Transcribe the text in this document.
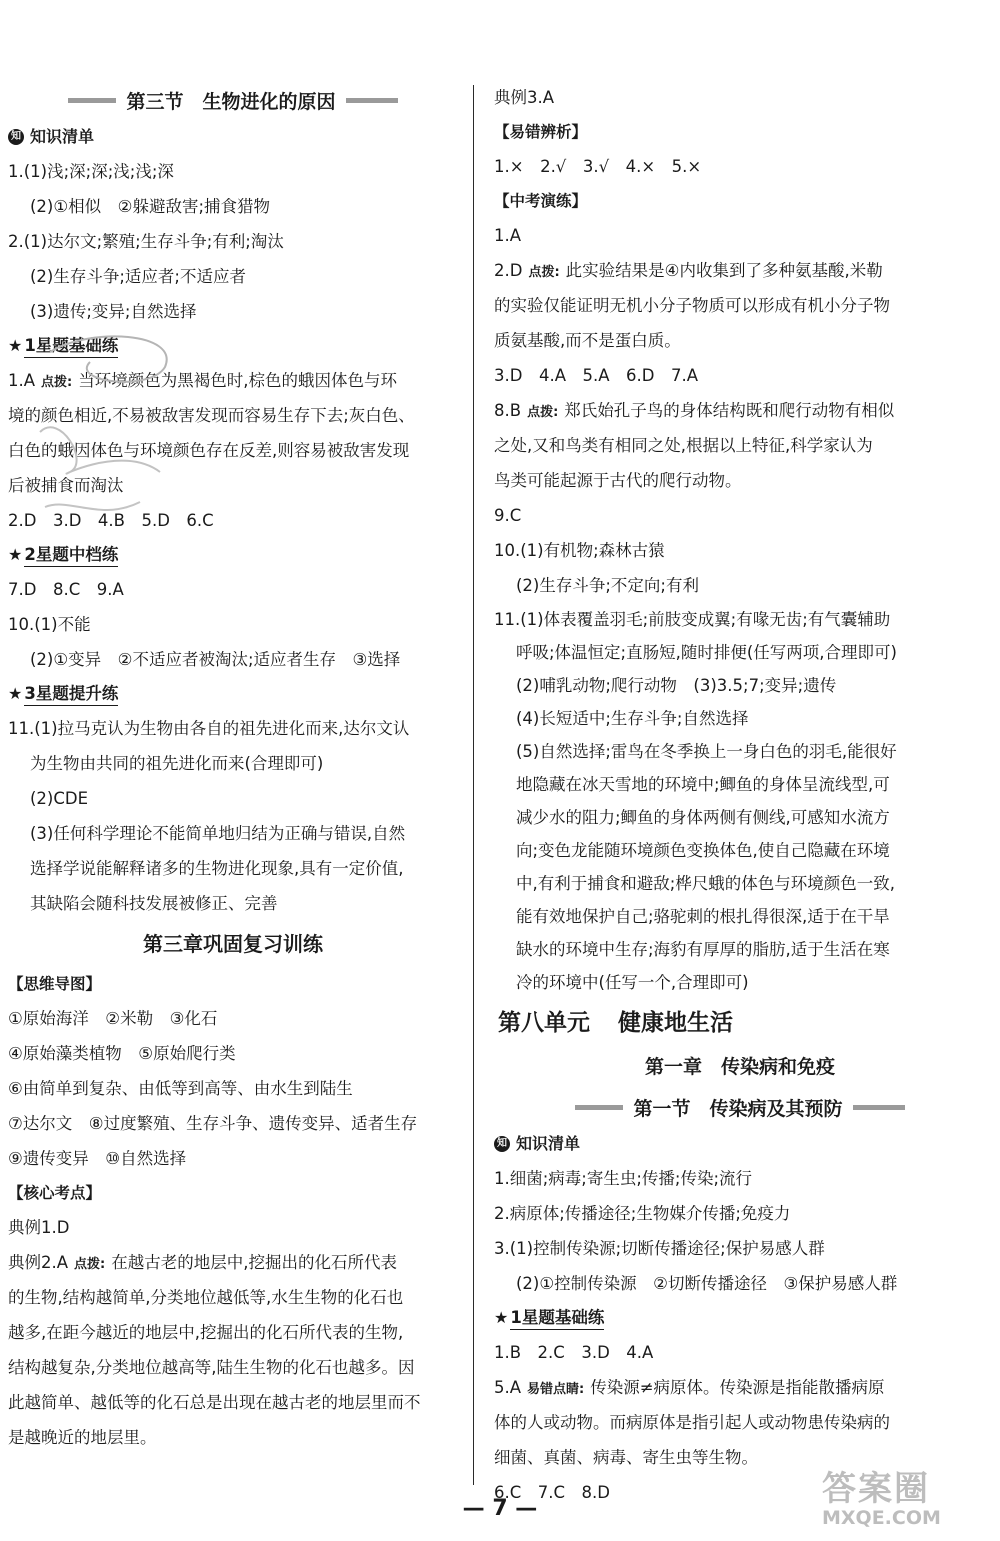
第三节　生物进化的原因
知 知识清单
1.(1)浅;深;深;浅;浅;深
(2)①相似　②躲避敌害;捕食猎物
2.(1)达尔文;繁殖;生存斗争;有利;淘汰
(2)生存斗争;适应者;不适应者
(3)遗传;变异;自然选择
★ 1星题基础练
1.A 点拨: 当环境颜色为黑褐色时,棕色的蛾因体色与环
境的颜色相近,不易被敌害发现而容易生存下去;灰白色、
白色的蛾因体色与环境颜色存在反差,则容易被敌害发现
后被捕食而淘汰
2.D　3.D　4.B　5.D　6.C
★ 2星题中档练
7.D　8.C　9.A
10.(1)不能
(2)①变异　②不适应者被淘汰;适应者生存　③选择
★ 3星题提升练
11.(1)拉马克认为生物由各自的祖先进化而来,达尔文认
为生物由共同的祖先进化而来(合理即可)
(2)CDE
(3)任何科学理论不能简单地归结为正确与错误,自然
选择学说能解释诸多的生物进化现象,具有一定价值,
其缺陷会随科技发展被修正、完善
第三章巩固复习训练
【思维导图】
①原始海洋　②米勒　③化石
④原始藻类植物　⑤原始爬行类
⑥由简单到复杂、由低等到高等、由水生到陆生
⑦达尔文　⑧过度繁殖、生存斗争、遗传变异、适者生存
⑨遗传变异　⑩自然选择
【核心考点】
典例1.D
典例2.A 点拨: 在越古老的地层中,挖掘出的化石所代表
的生物,结构越简单,分类地位越低等,水生生物的化石也
越多,在距今越近的地层中,挖掘出的化石所代表的生物,
结构越复杂,分类地位越高等,陆生生物的化石也越多。因
此越简单、越低等的化石总是出现在越古老的地层里而不
是越晚近的地层里。
典例3.A
【易错辨析】
1.×　2.√　3.√　4.×　5.×
【中考演练】
1.A
2.D 点拨: 此实验结果是④内收集到了多种氨基酸,米勒
的实验仅能证明无机小分子物质可以形成有机小分子物
质氨基酸,而不是蛋白质。
3.D　4.A　5.A　6.D　7.A
8.B 点拨: 郑氏始孔子鸟的身体结构既和爬行动物有相似
之处,又和鸟类有相同之处,根据以上特征,科学家认为
鸟类可能起源于古代的爬行动物。
9.C
10.(1)有机物;森林古猿
(2)生存斗争;不定向;有利
11.(1)体表覆盖羽毛;前肢变成翼;有喙无齿;有气囊辅助
呼吸;体温恒定;直肠短,随时排便(任写两项,合理即可)
(2)哺乳动物;爬行动物　(3)3.5;7;变异;遗传
(4)长短适中;生存斗争;自然选择
(5)自然选择;雷鸟在冬季换上一身白色的羽毛,能很好
地隐藏在冰天雪地的环境中;鲫鱼的身体呈流线型,可
减少水的阻力;鲫鱼的身体两侧有侧线,可感知水流方
向;变色龙能随环境颜色变换体色,使自己隐藏在环境
中,有利于捕食和避敌;桦尺蛾的体色与环境颜色一致,
能有效地保护自己;骆驼刺的根扎得很深,适于在干旱
缺水的环境中生存;海豹有厚厚的脂肪,适于生活在寒
冷的环境中(任写一个,合理即可)
第八单元 健康地生活
第一章　传染病和免疫
第一节　传染病及其预防
知 知识清单
1.细菌;病毒;寄生虫;传播;传染;流行
2.病原体;传播途径;生物媒介传播;免疫力
3.(1)控制传染源;切断传播途径;保护易感人群
(2)①控制传染源　②切断传播途径　③保护易感人群
★ 1星题基础练
1.B　2.C　3.D　4.A
5.A 易错点睛: 传染源≠病原体。传染源是指能散播病原
体的人或动物。而病原体是指引起人或动物患传染病的
细菌、真菌、病毒、寄生虫等生物。
6.C　7.C　8.D
— 7 —	答案圈
MXQE.COM
